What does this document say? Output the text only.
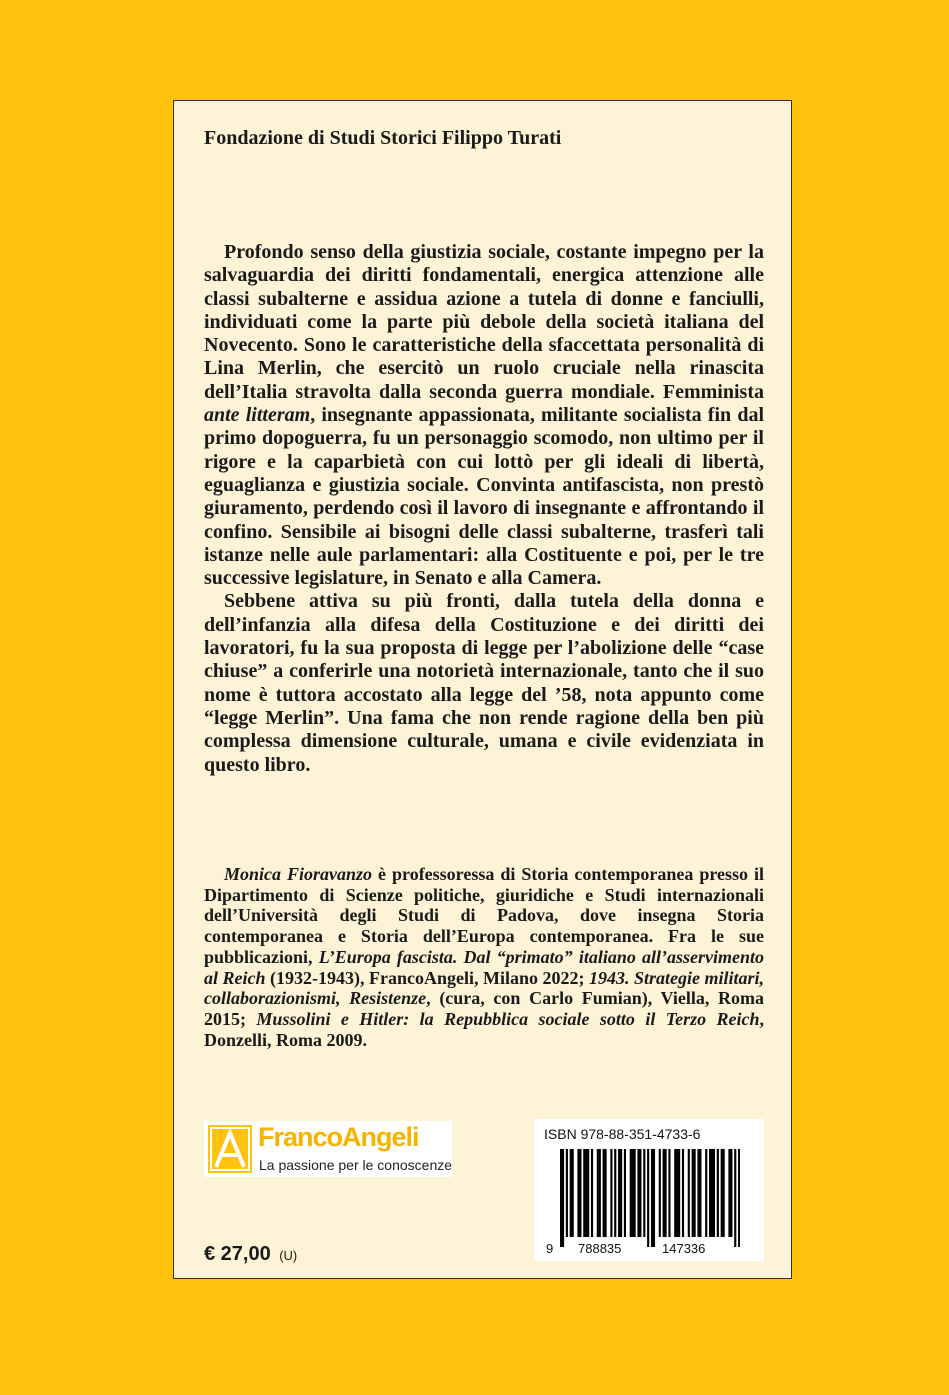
Fondazione di Studi Storici Filippo Turati

Profondo senso della giustizia sociale, costante impegno per la salvaguardia dei diritti fondamentali, energica attenzione alle classi subalterne e assidua azione a tutela di donne e fanciulli, individuati come la parte più debole della società italiana del Novecento. Sono le caratteristiche della sfaccettata personalità di Lina Merlin, che esercitò un ruolo cruciale nella rinascita dell’Italia stravolta dalla seconda guerra mondiale. Femminista ante litteram, insegnante appassionata, militante socialista fin dal primo dopoguerra, fu un personaggio scomodo, non ultimo per il rigore e la caparbietà con cui lottò per gli ideali di libertà, eguaglianza e giustizia sociale. Convinta antifascista, non prestò giuramento, perdendo così il lavoro di insegnante e affrontando il confino. Sensibile ai bisogni delle classi subalterne, trasferì tali istanze nelle aule parlamentari: alla Costituente e poi, per le tre successive legislature, in Senato e alla Camera.

Sebbene attiva su più fronti, dalla tutela della donna e dell’infanzia alla difesa della Costituzione e dei diritti dei lavoratori, fu la sua proposta di legge per l’abolizione delle “case chiuse” a conferirle una notorietà internazionale, tanto che il suo nome è tuttora accostato alla legge del ’58, nota appunto come “legge Merlin”. Una fama che non rende ragione della ben più complessa dimensione culturale, umana e civile evidenziata in questo libro.

Monica Fioravanzo è professoressa di Storia contemporanea presso il Dipartimento di Scienze politiche, giuridiche e Studi internazionali dell’Università degli Studi di Padova, dove insegna Storia contemporanea e Storia dell’Europa contemporanea. Fra le sue pubblicazioni, L’Europa fascista. Dal “primato” italiano all’asservimento al Reich (1932-1943), FrancoAngeli, Milano 2022; 1943. Strategie militari, collaborazionismi, Resistenze, (cura, con Carlo Fumian), Viella, Roma 2015; Mussolini e Hitler: la Repubblica sociale sotto il Terzo Reich, Donzelli, Roma 2009.

FrancoAngeli
La passione per le conoscenze
€ 27,00 (U)
ISBN 978-88-351-4733-6
9 788835	147336
